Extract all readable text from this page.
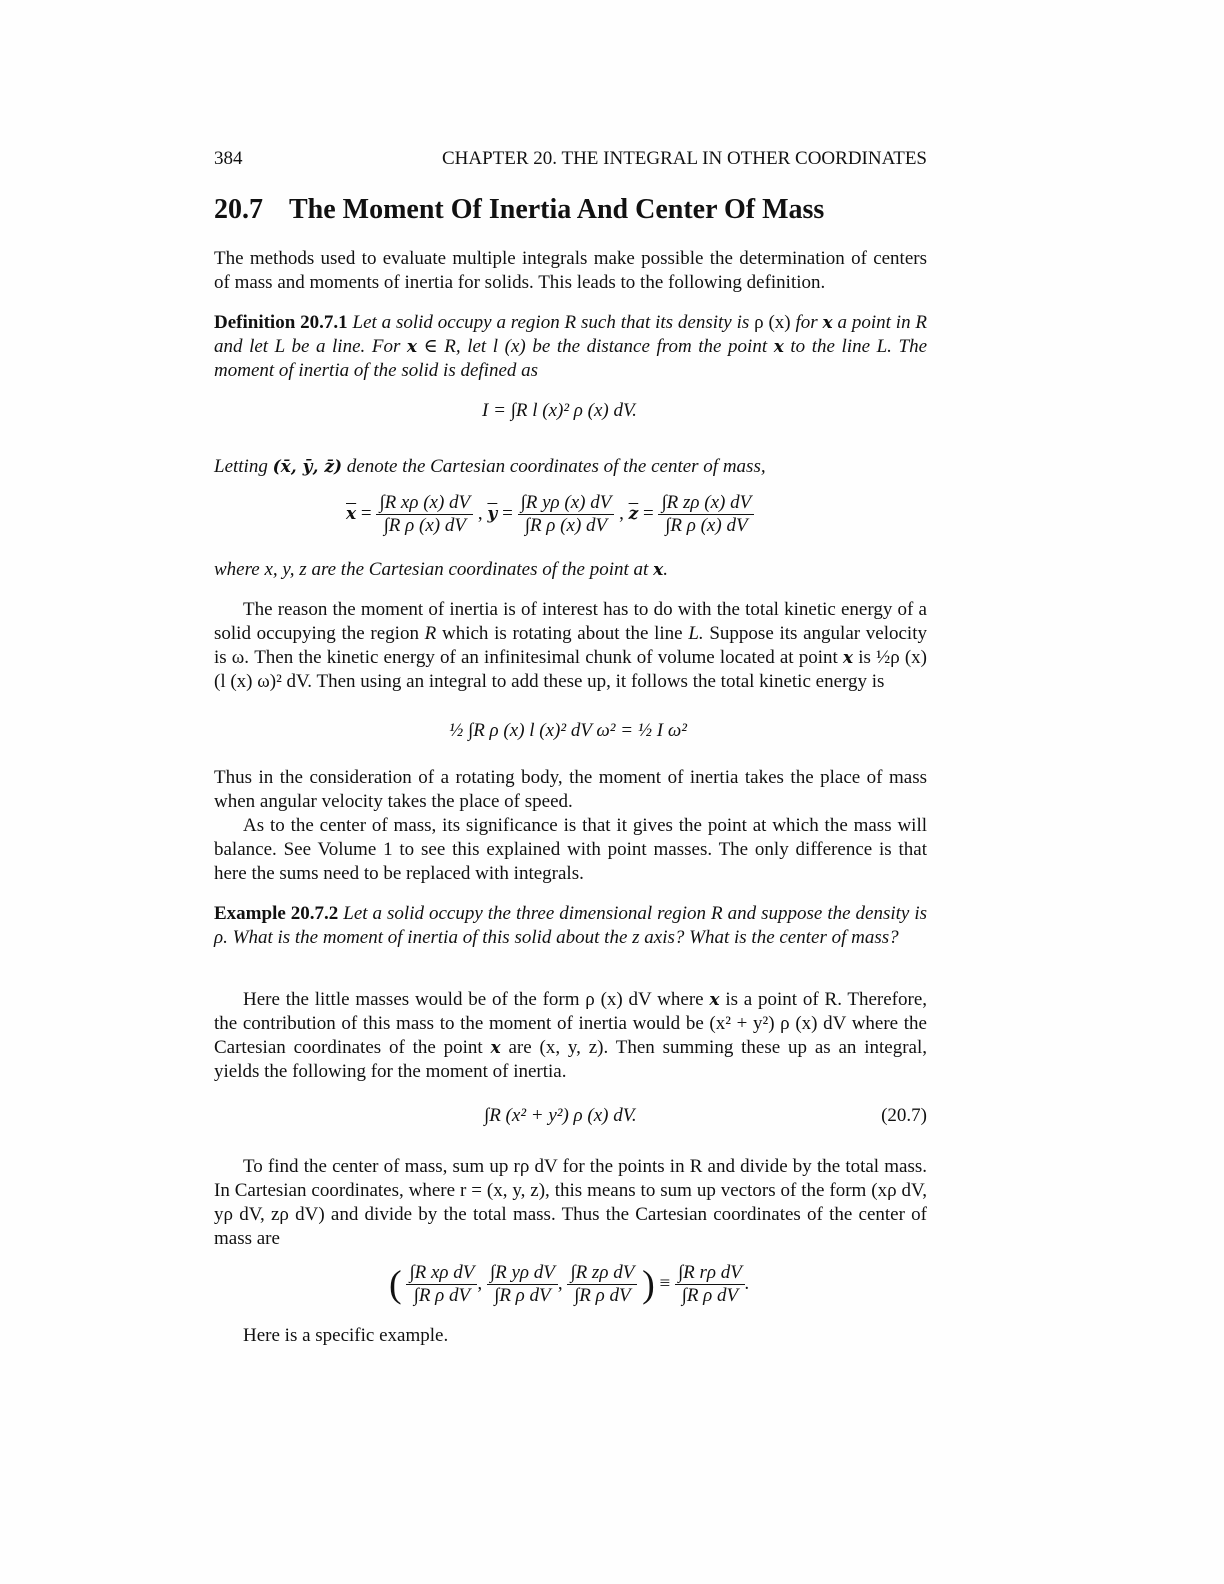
384	CHAPTER 20. THE INTEGRAL IN OTHER COORDINATES
20.7 The Moment Of Inertia And Center Of Mass
The methods used to evaluate multiple integrals make possible the determination of centers of mass and moments of inertia for solids. This leads to the following definition.
Definition 20.7.1 Let a solid occupy a region R such that its density is ρ (x) for x a point in R and let L be a line. For x ∈ R, let l (x) be the distance from the point x to the line L. The moment of inertia of the solid is defined as
I = ∫R l (x)² ρ (x) dV.
Letting (x̄, ȳ, z̄) denote the Cartesian coordinates of the center of mass,
$\overline{x} = \frac{\text{∫R xρ (x) dV}}{\text{∫R ρ (x) dV}}$ , $\overline{y} = \frac{\text{∫R yρ (x) dV}}{\text{∫R ρ (x) dV}}$ , $\overline{z} = \frac{\text{∫R zρ (x) dV}}{\text{∫R ρ (x) dV}}$
where x, y, z are the Cartesian coordinates of the point at x.
The reason the moment of inertia is of interest has to do with the total kinetic energy of a solid occupying the region R which is rotating about the line L. Suppose its angular velocity is ω. Then the kinetic energy of an infinitesimal chunk of volume located at point x is ½ρ (x) (l (x) ω)² dV. Then using an integral to add these up, it follows the total kinetic energy is
½ ∫R ρ (x) l (x)² dV ω² = ½ I ω²
Thus in the consideration of a rotating body, the moment of inertia takes the place of mass when angular velocity takes the place of speed.
As to the center of mass, its significance is that it gives the point at which the mass will balance. See Volume 1 to see this explained with point masses. The only difference is that here the sums need to be replaced with integrals.
Example 20.7.2 Let a solid occupy the three dimensional region R and suppose the density is ρ. What is the moment of inertia of this solid about the z axis? What is the center of mass?
Here the little masses would be of the form ρ (x) dV where x is a point of R. Therefore, the contribution of this mass to the moment of inertia would be (x² + y²) ρ (x) dV where the Cartesian coordinates of the point x are (x, y, z). Then summing these up as an integral, yields the following for the moment of inertia.
∫R (x² + y²) ρ (x) dV.	(20.7)
To find the center of mass, sum up rρ dV for the points in R and divide by the total mass. In Cartesian coordinates, where r = (x, y, z), this means to sum up vectors of the form (xρ dV, yρ dV, zρ dV) and divide by the total mass. Thus the Cartesian coordinates of the center of mass are
( $\frac{\text{∫R xρ dV}}{\text{∫R ρ dV}}$ , $\frac{\text{∫R yρ dV}}{\text{∫R ρ dV}}$ , $\frac{\text{∫R zρ dV}}{\text{∫R ρ dV}}$ ) ≡ $\frac{\text{∫R rρ dV}}{\text{∫R ρ dV}}$ .
Here is a specific example.
